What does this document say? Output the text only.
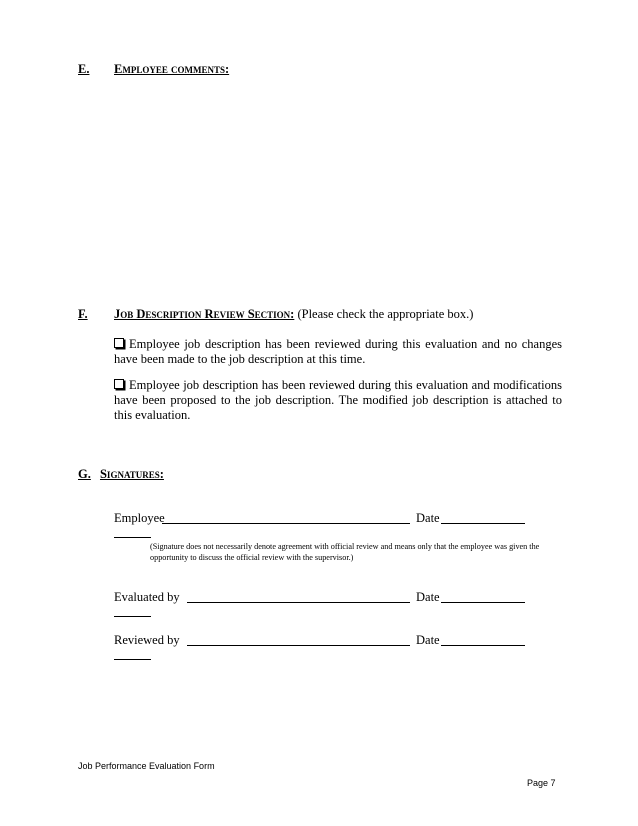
E. Employee comments:
F. Job Description Review Section: (Please check the appropriate box.)
Employee job description has been reviewed during this evaluation and no changes have been made to the job description at this time.
Employee job description has been reviewed during this evaluation and modifications have been proposed to the job description. The modified job description is attached to this evaluation.
G. Signatures:
Employee	Date
(Signature does not necessarily denote agreement with official review and means only that the employee was given the opportunity to discuss the official review with the supervisor.)
Evaluated by	Date
Reviewed by	Date
Job Performance Evaluation Form
Page 7
